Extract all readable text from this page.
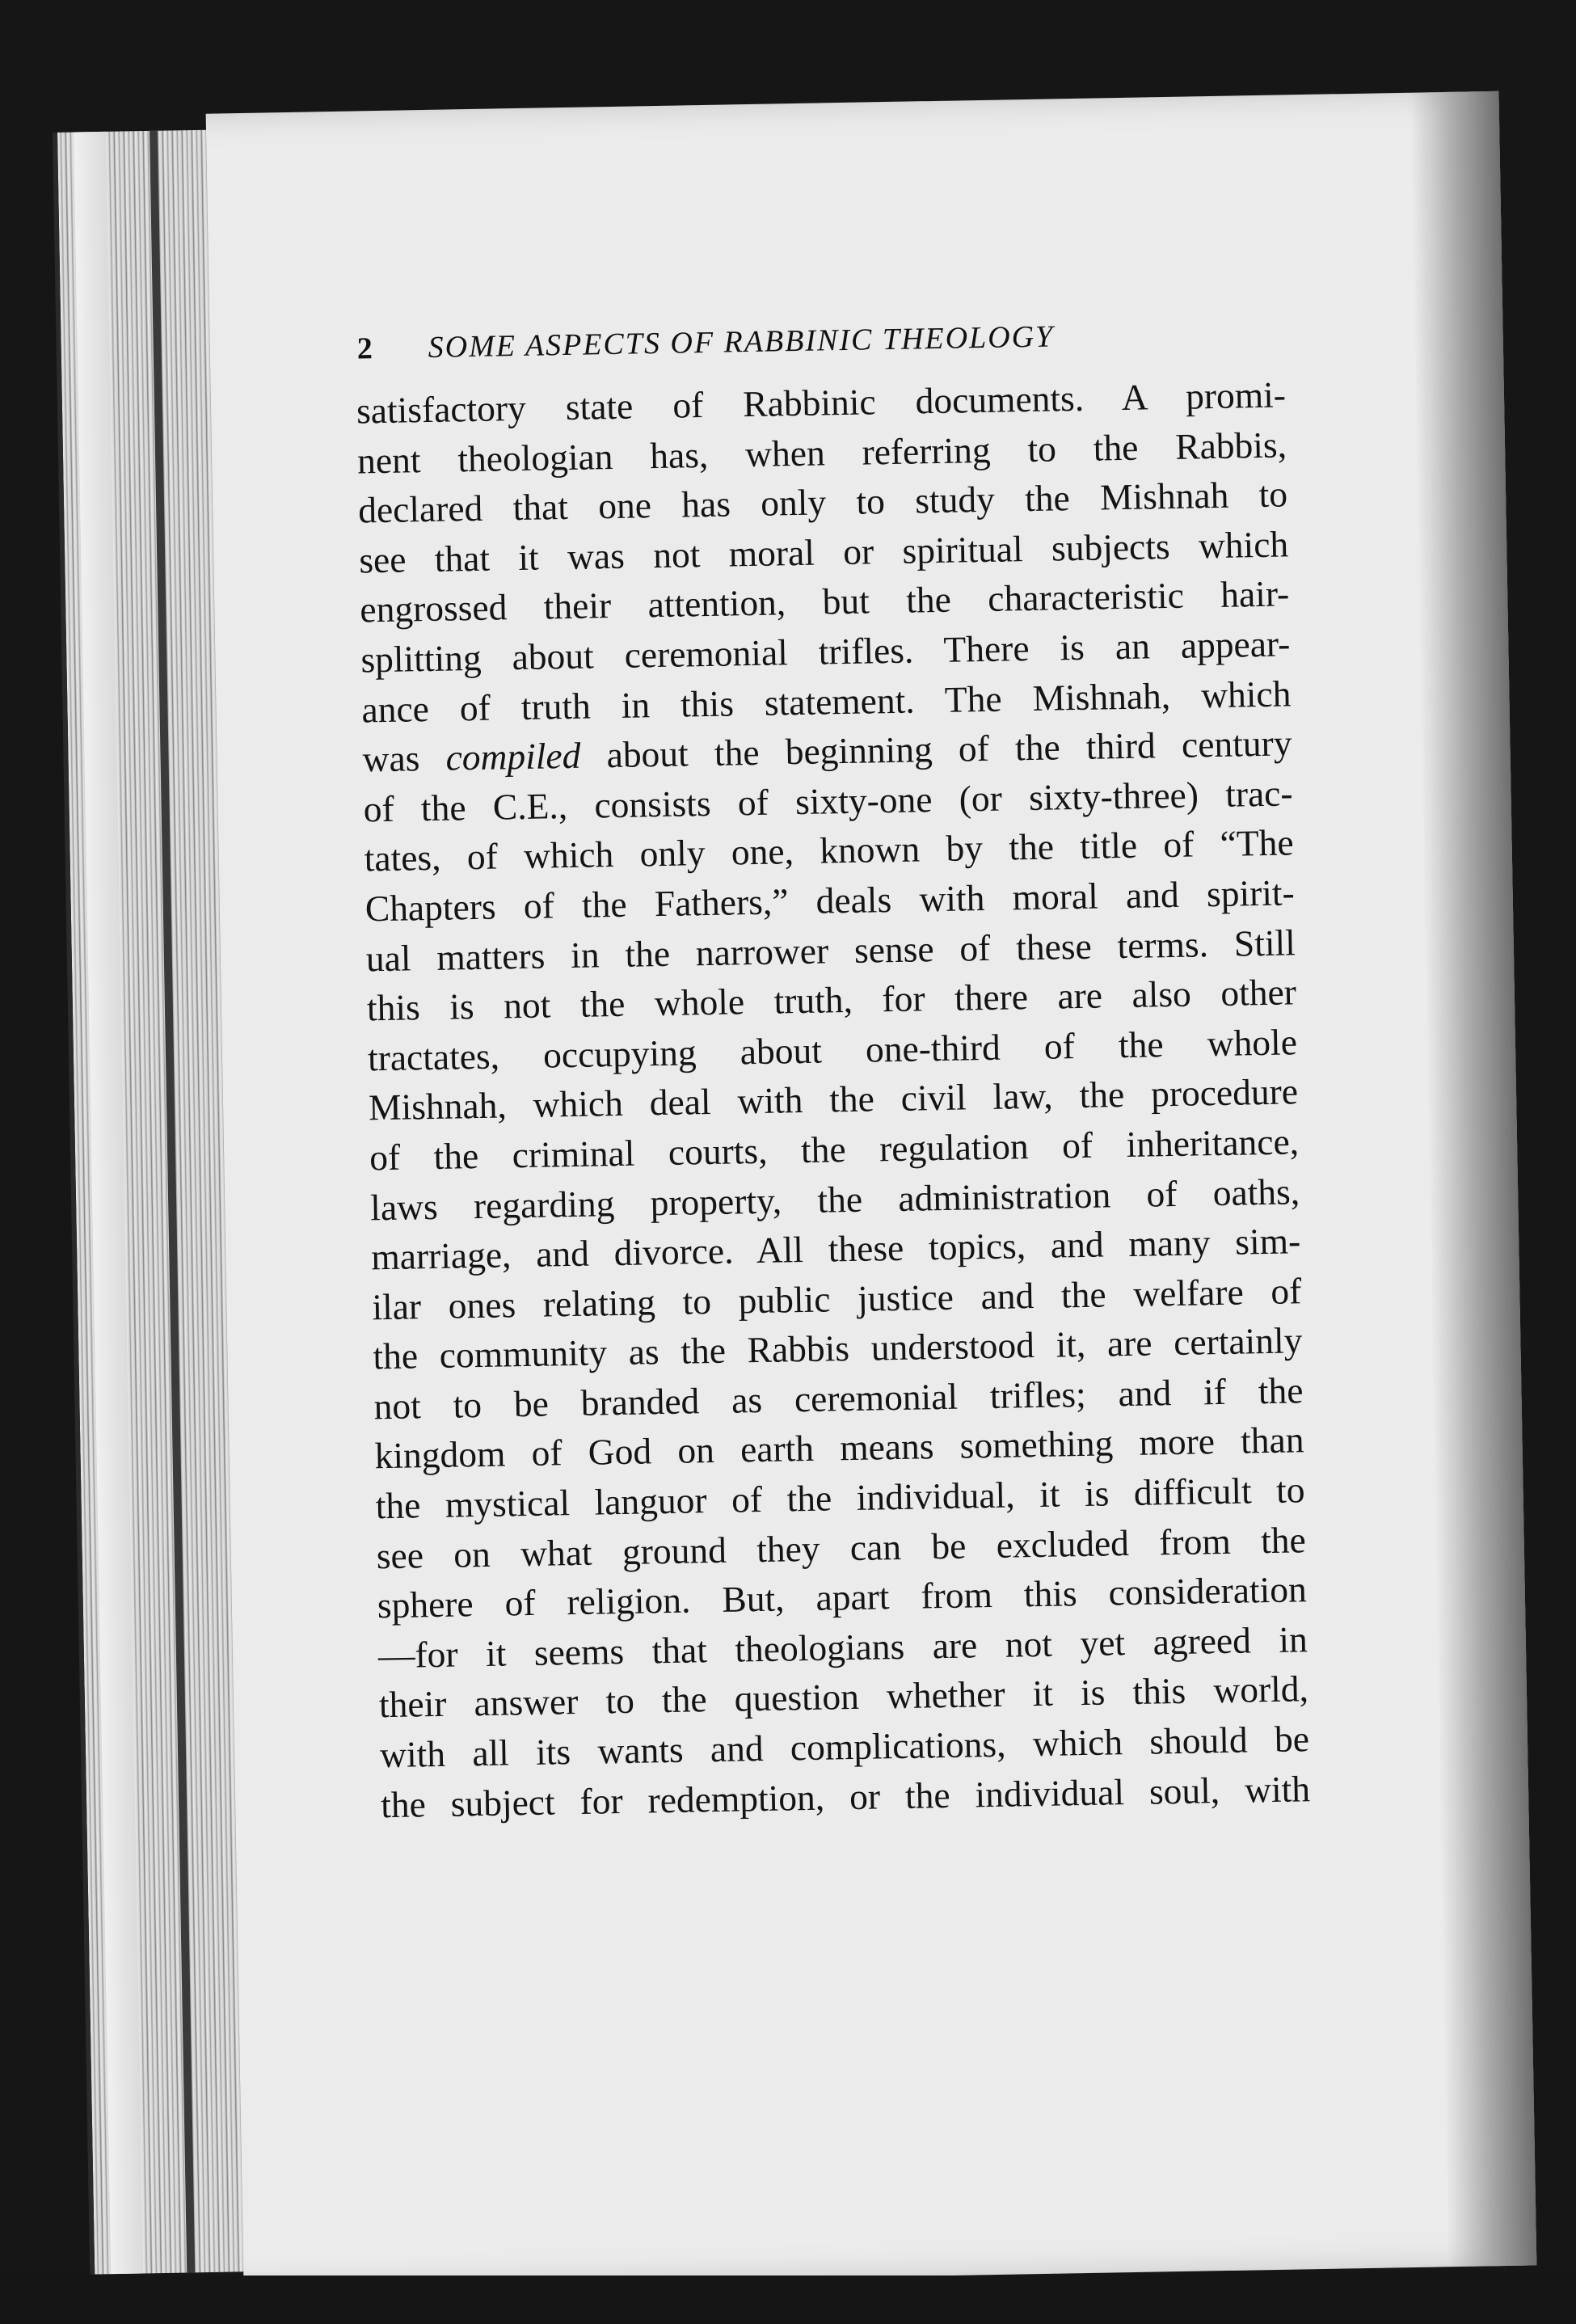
2 SOME ASPECTS OF RABBINIC THEOLOGY
satisfactory state of Rabbinic documents. A promi-
nent theologian has, when referring to the Rabbis,
declared that one has only to study the Mishnah to
see that it was not moral or spiritual subjects which
engrossed their attention, but the characteristic hair-
splitting about ceremonial trifles. There is an appear-
ance of truth in this statement. The Mishnah, which
was compiled about the beginning of the third century
of the C.E., consists of sixty-one (or sixty-three) trac-
tates, of which only one, known by the title of “The
Chapters of the Fathers,” deals with moral and spirit-
ual matters in the narrower sense of these terms. Still
this is not the whole truth, for there are also other
tractates, occupying about one-third of the whole
Mishnah, which deal with the civil law, the procedure
of the criminal courts, the regulation of inheritance,
laws regarding property, the administration of oaths,
marriage, and divorce. All these topics, and many sim-
ilar ones relating to public justice and the welfare of
the community as the Rabbis understood it, are certainly
not to be branded as ceremonial trifles; and if the
kingdom of God on earth means something more than
the mystical languor of the individual, it is difficult to
see on what ground they can be excluded from the
sphere of religion. But, apart from this consideration
—for it seems that theologians are not yet agreed in
their answer to the question whether it is this world,
with all its wants and complications, which should be
the subject for redemption, or the individual soul, with
